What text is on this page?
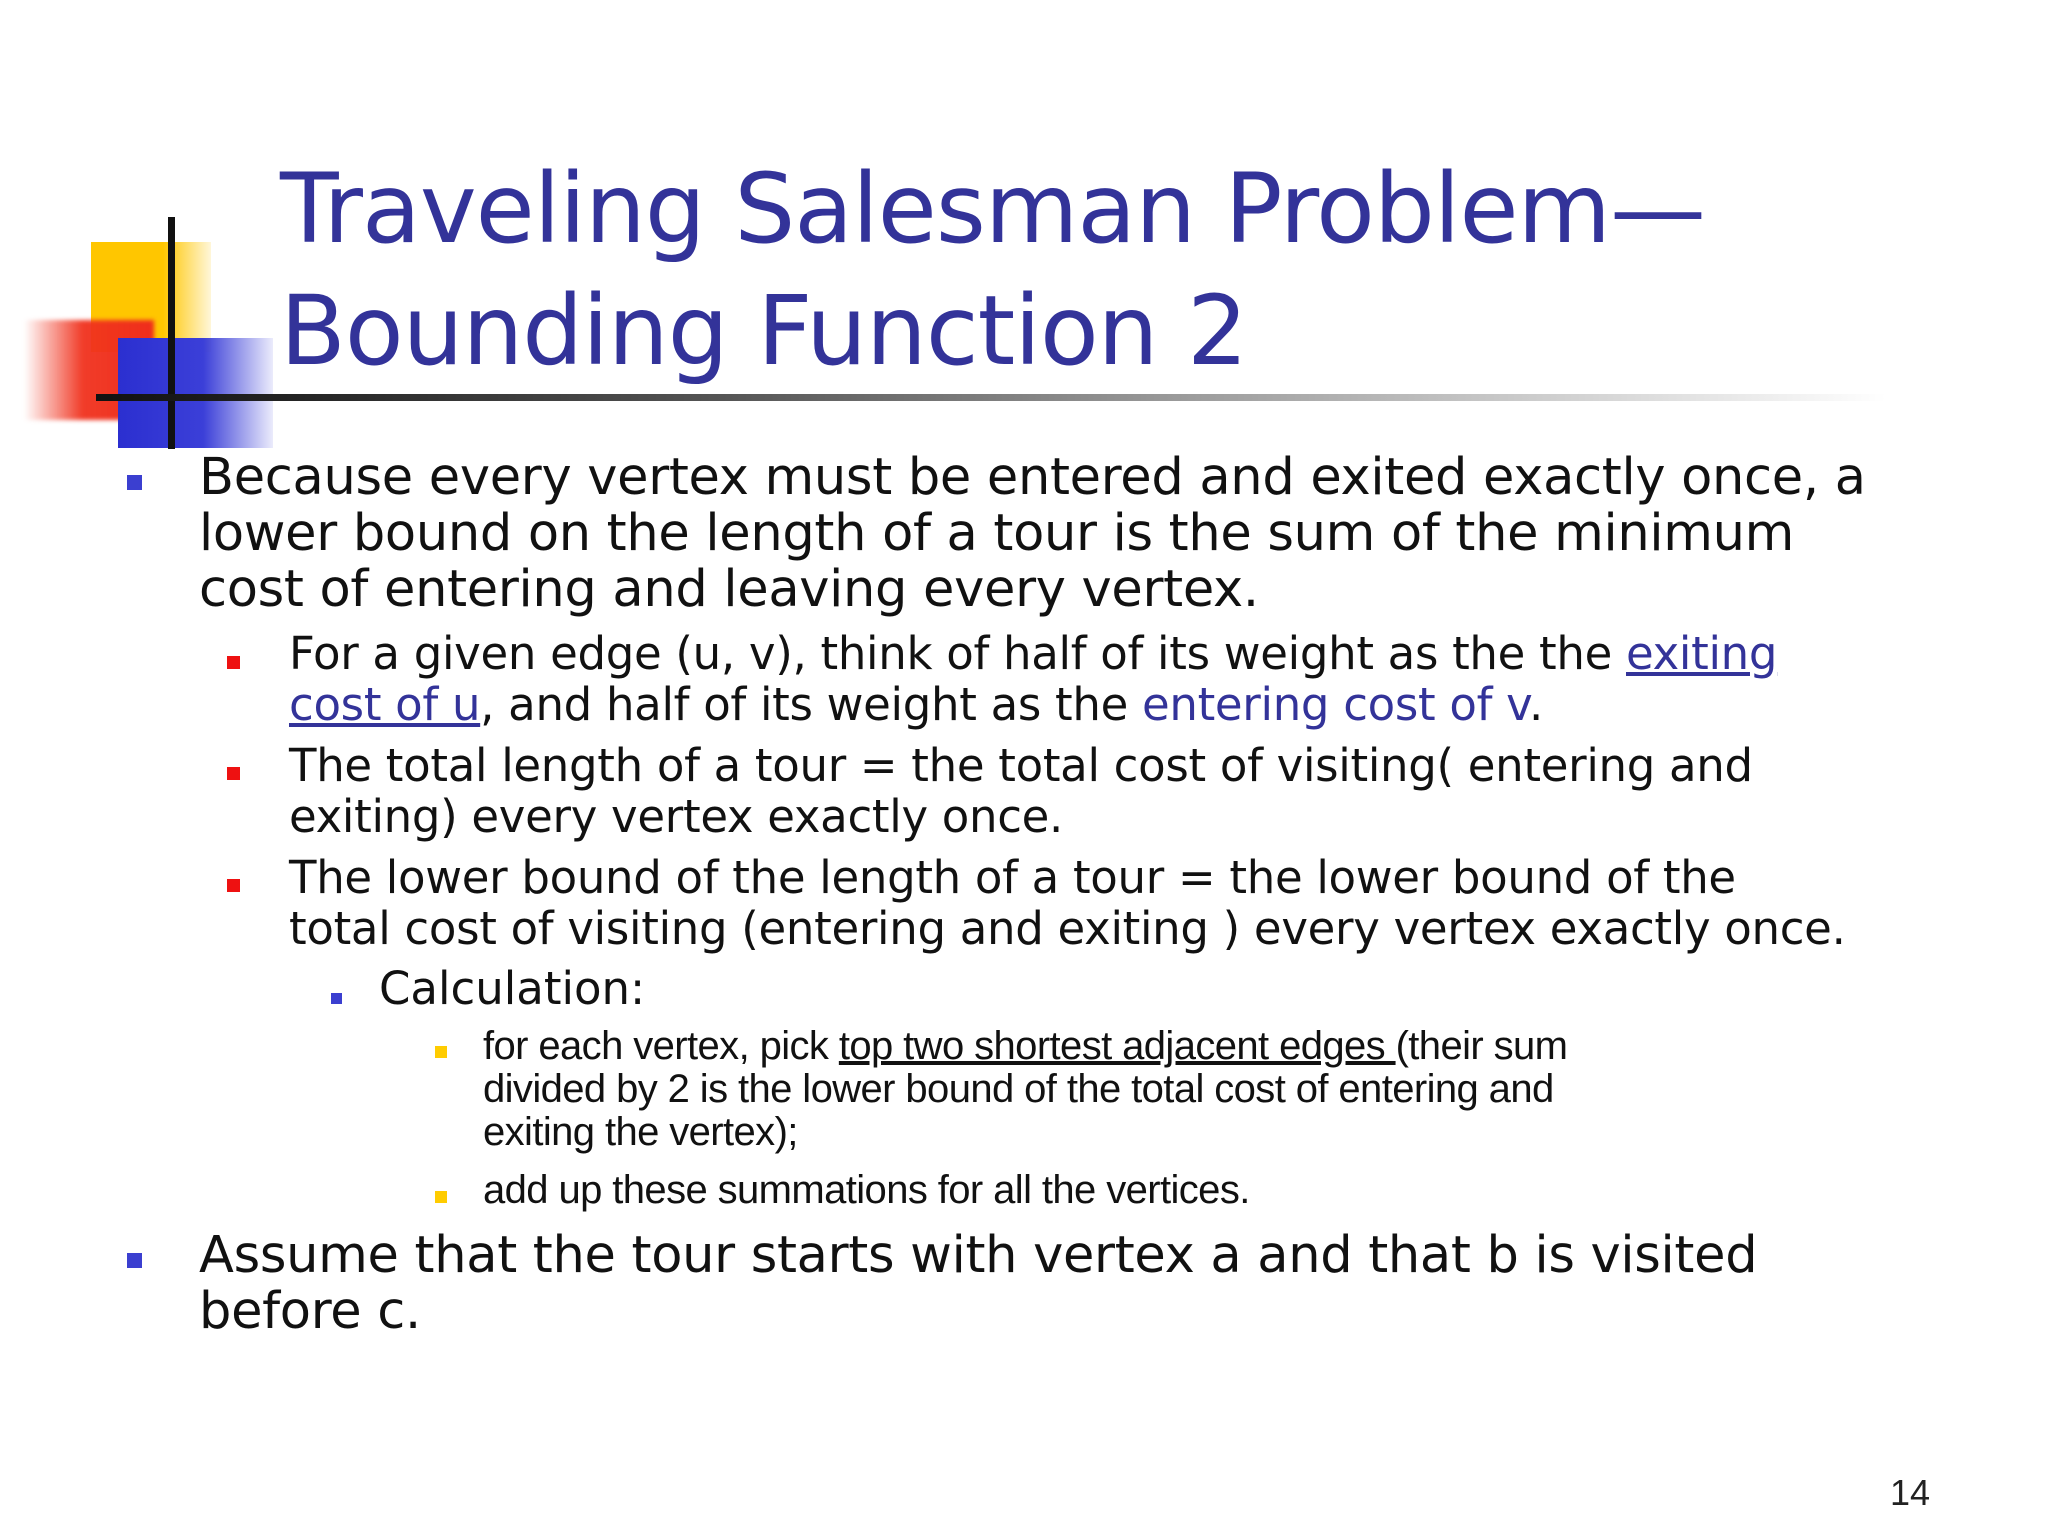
Traveling Salesman Problem—
Bounding Function 2
Because every vertex must be entered and exited exactly once, a
lower bound on the length of a tour is the sum of the minimum
cost of entering and leaving every vertex.
For a given edge (u, v), think of half of its weight as the the exiting
cost of u, and half of its weight as the entering cost of v.
The total length of a tour = the total cost of visiting( entering and
exiting) every vertex exactly once.
The lower bound of the length of a tour = the lower bound of the
total cost of visiting (entering and exiting ) every vertex exactly once.
Calculation:
for each vertex, pick top two shortest adjacent edges (their sum
divided by 2 is the lower bound of the total cost of entering and
exiting the vertex);
add up these summations for all the vertices.
Assume that the tour starts with vertex a and that b is visited
before c.
14
